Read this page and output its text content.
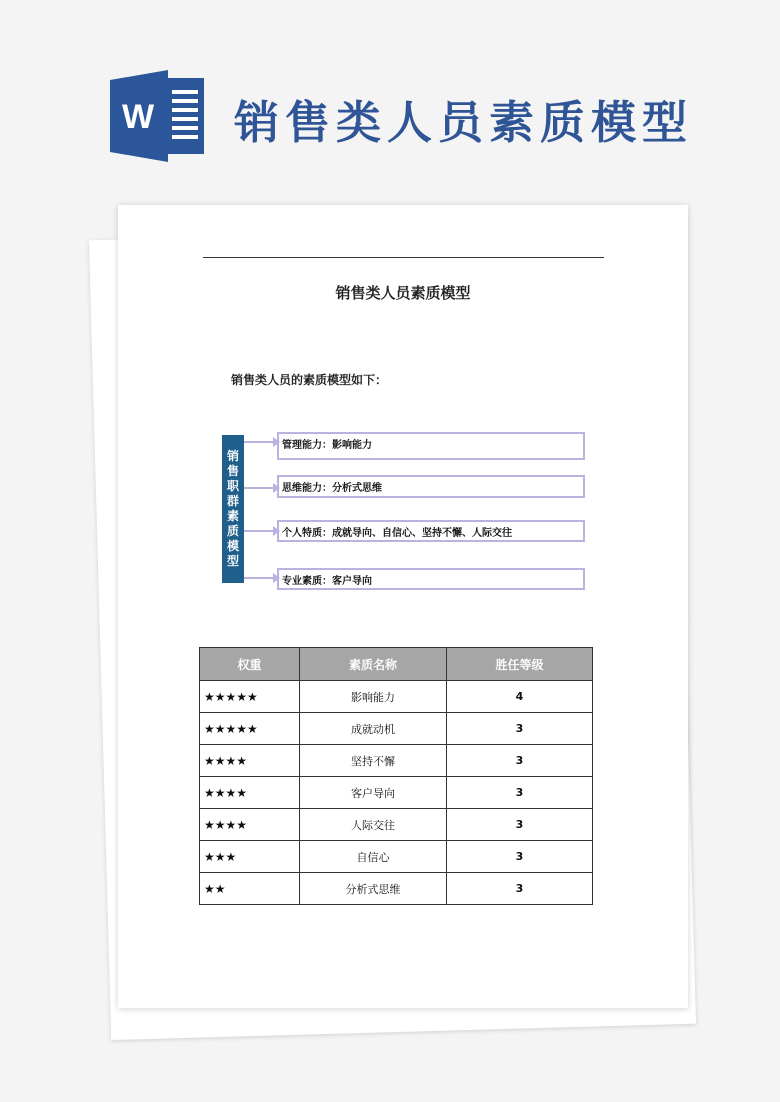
W 销售类人员素质模型
销售类人员素质模型
销售类人员的素质模型如下：
销
售
职
群
素
质
模
型
管理能力：影响能力
思维能力：分析式思维
个人特质：成就导向、自信心、坚持不懈、人际交往
专业素质：客户导向
权重	素质名称	胜任等级
★★★★★	影响能力	4
★★★★★	成就动机	3
★★★★	坚持不懈	3
★★★★	客户导向	3
★★★★	人际交往	3
★★★	自信心	3
★★	分析式思维	3
